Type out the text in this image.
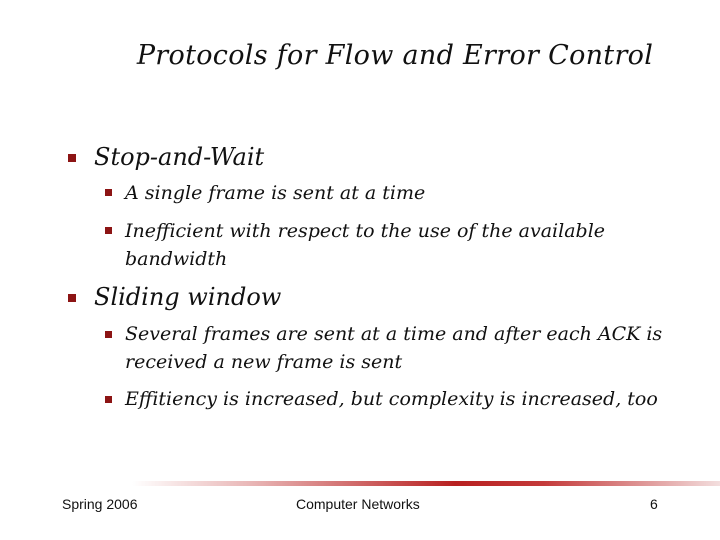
Protocols for Flow and Error Control
Stop-and-Wait
A single frame is sent at a time
Inefficient with respect to the use of the available
bandwidth
Sliding window
Several frames are sent at a time and after each ACK is
received a new frame is sent
Effitiency is increased, but complexity is increased, too
Spring 2006	Computer Networks	6
